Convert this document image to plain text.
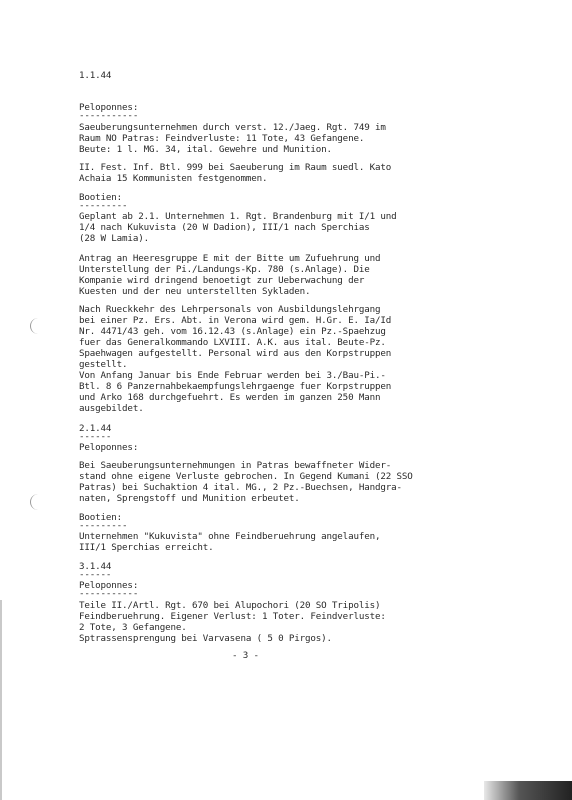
1.1.44
Peloponnes:
-----------
Saeuberungsunternehmen durch verst. 12./Jaeg. Rgt. 749 im
Raum NO Patras: Feindverluste: 11 Tote, 43 Gefangene.
Beute: 1 l. MG. 34, ital. Gewehre und Munition.
II. Fest. Inf. Btl. 999 bei Saeuberung im Raum suedl. Kato
Achaia 15 Kommunisten festgenommen.
Bootien:
---------
Geplant ab 2.1. Unternehmen 1. Rgt. Brandenburg mit I/1 und
1/4 nach Kukuvista (20 W Dadion), III/1 nach Sperchias
(28 W Lamia).
Antrag an Heeresgruppe E mit der Bitte um Zufuehrung und
Unterstellung der Pi./Landungs-Kp. 780 (s.Anlage). Die
Kompanie wird dringend benoetigt zur Ueberwachung der
Kuesten und der neu unterstellten Sykladen.
Nach Rueckkehr des Lehrpersonals von Ausbildungslehrgang
bei einer Pz. Ers. Abt. in Verona wird gem. H.Gr. E. Ia/Id
Nr. 4471/43 geh. vom 16.12.43 (s.Anlage) ein Pz.-Spaehzug
fuer das Generalkommando LXVIII. A.K. aus ital. Beute-Pz.
Spaehwagen aufgestellt. Personal wird aus den Korpstruppen
gestellt.
Von Anfang Januar bis Ende Februar werden bei 3./Bau-Pi.-
Btl. 8 6 Panzernahbekaempfungslehrgaenge fuer Korpstruppen
und Arko 168 durchgefuehrt. Es werden im ganzen 250 Mann
ausgebildet.
2.1.44
------
Peloponnes:
Bei Saeuberungsunternehmungen in Patras bewaffneter Wider-
stand ohne eigene Verluste gebrochen. In Gegend Kumani (22 SSO
Patras) bei Suchaktion 4 ital. MG., 2 Pz.-Buechsen, Handgra-
naten, Sprengstoff und Munition erbeutet.
Bootien:
---------
Unternehmen "Kukuvista" ohne Feindberuehrung angelaufen,
III/1 Sperchias erreicht.
3.1.44
------
Peloponnes:
-----------
Teile II./Artl. Rgt. 670 bei Alupochori (20 SO Tripolis)
Feindberuehrung. Eigener Verlust: 1 Toter. Feindverluste:
2 Tote, 3 Gefangene.
Sptrassensprengung bei Varvasena ( 5 0 Pirgos).
- 3 -
